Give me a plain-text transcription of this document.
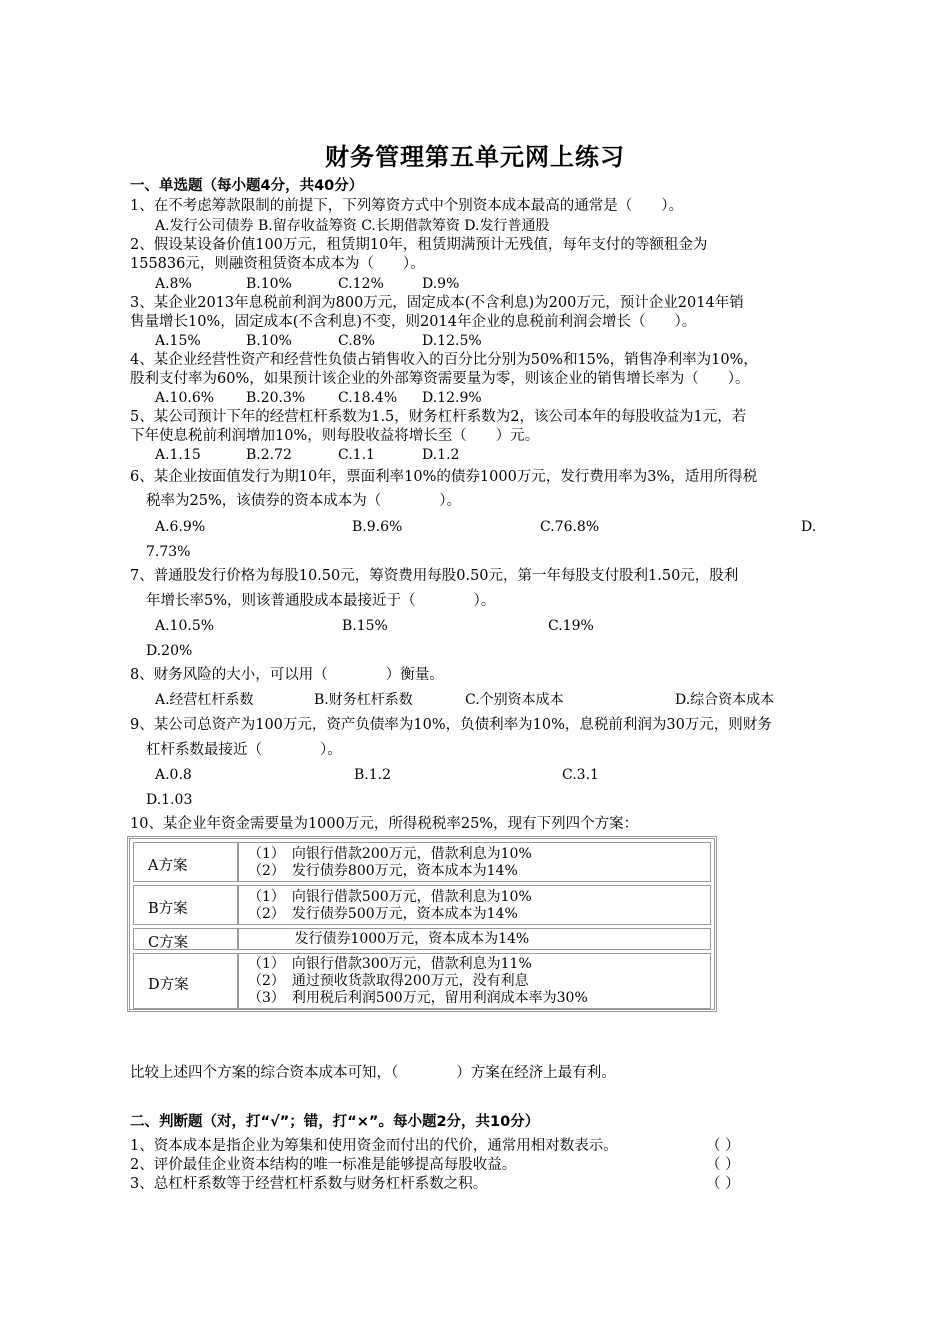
财务管理第五单元网上练习
一、单选题（每小题4分，共40分）
1、在不考虑筹款限制的前提下，下列筹资方式中个别资本成本最高的通常是（　　）。
A.发行公司债券 B.留存收益筹资 C.长期借款筹资 D.发行普通股
2、假设某设备价值100万元，租赁期10年，租赁期满预计无残值，每年支付的等额租金为
155836元，则融资租赁资本成本为（　　）。
A.8%	B.10%	C.12%	D.9%
3、某企业2013年息税前利润为800万元，固定成本(不含利息)为200万元，预计企业2014年销
售量增长10%，固定成本(不含利息)不变，则2014年企业的息税前利润会增长（　　）。
A.15%	B.10%	C.8%	D.12.5%
4、某企业经营性资产和经营性负债占销售收入的百分比分别为50%和15%，销售净利率为10%，
股利支付率为60%，如果预计该企业的外部筹资需要量为零，则该企业的销售增长率为（　　）。
A.10.6% B.20.3% C.18.4% D.12.9%
5、某公司预计下年的经营杠杆系数为1.5，财务杠杆系数为2，该公司本年的每股收益为1元，若
下年使息税前利润增加10%，则每股收益将增长至（　　）元。
A.1.15	B.2.72	C.1.1	D.1.2
6、某企业按面值发行为期10年，票面利率10%的债券1000万元，发行费用率为3%，适用所得税
税率为25%，该债券的资本成本为（　　　　）。
A.6.9%	B.9.6%	C.76.8%	D.
7.73%
7、普通股发行价格为每股10.50元，筹资费用每股0.50元，第一年每股支付股利1.50元，股利
年增长率5%，则该普通股成本最接近于（　　　　）。
A.10.5%	B.15%	C.19%
D.20%
8、财务风险的大小，可以用（　　　　）衡量。
A.经营杠杆系数	B.财务杠杆系数	C.个别资本成本	D.综合资本成本
9、某公司总资产为100万元，资产负债率为10%，负债利率为10%，息税前利润为30万元，则财务
杠杆系数最接近（　　　　）。
A.0.8	B.1.2	C.3.1
D.1.03
10、某企业年资金需要量为1000万元，所得税税率25%，现有下列四个方案：
A方案
（1）　向银行借款200万元，借款利息为10%
（2）　发行债券800万元，资本成本为14%
B方案
（1）　向银行借款500万元，借款利息为10%
（2）　发行债券500万元，资本成本为14%
C方案	　　　 发行债券1000万元，资本成本为14%
D方案
（1）　向银行借款300万元，借款利息为11%
（2）　通过预收货款取得200万元，没有利息
（3）　利用税后利润500万元，留用利润成本率为30%
比较上述四个方案的综合资本成本可知，（　　　　）方案在经济上最有利。
二、判断题（对，打“√”；错，打“×”。每小题2分，共10分）
1、资本成本是指企业为筹集和使用资金而付出的代价，通常用相对数表示。	（ ）
2、评价最佳企业资本结构的唯一标准是能够提高每股收益。	（ ）
3、总杠杆系数等于经营杠杆系数与财务杠杆系数之积。	（ ）
